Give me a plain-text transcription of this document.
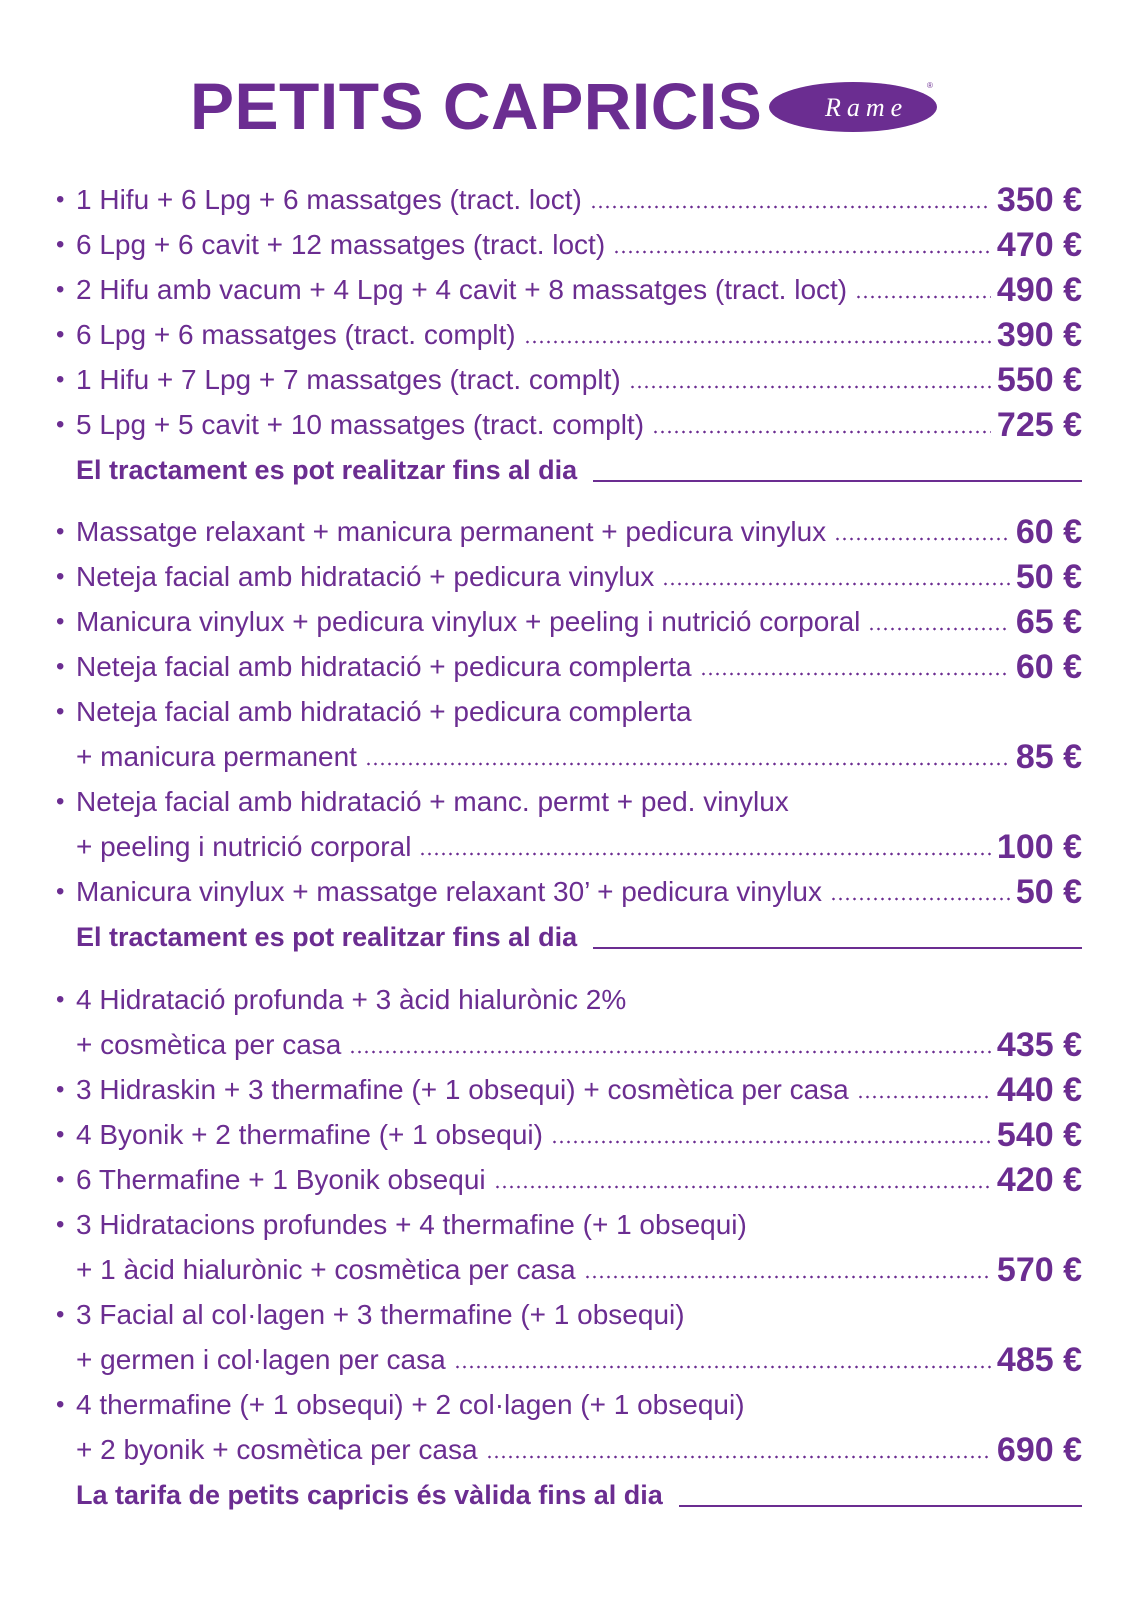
PETITS CAPRICIS Rame
®
• 1 Hifu + 6 Lpg + 6 massatges (tract. loct)	350 €
• 6 Lpg + 6 cavit + 12 massatges (tract. loct)	470 €
• 2 Hifu amb vacum + 4 Lpg + 4 cavit + 8 massatges (tract. loct)	490 €
• 6 Lpg + 6 massatges (tract. complt)	390 €
• 1 Hifu + 7 Lpg + 7 massatges (tract. complt)	550 €
• 5 Lpg + 5 cavit + 10 massatges (tract. complt)	725 €
El tractament es pot realitzar fins al dia
• Massatge relaxant + manicura permanent + pedicura vinylux	60 €
• Neteja facial amb hidratació + pedicura vinylux	50 €
• Manicura vinylux + pedicura vinylux + peeling i nutrició corporal	65 €
• Neteja facial amb hidratació + pedicura complerta	60 €
• Neteja facial amb hidratació + pedicura complerta
+ manicura permanent	85 €
• Neteja facial amb hidratació + manc. permt + ped. vinylux
+ peeling i nutrició corporal	100 €
• Manicura vinylux + massatge relaxant 30’ + pedicura vinylux	50 €
El tractament es pot realitzar fins al dia
• 4 Hidratació profunda + 3 àcid hialurònic 2%
+ cosmètica per casa	435 €
• 3 Hidraskin + 3 thermafine (+ 1 obsequi) + cosmètica per casa	440 €
• 4 Byonik + 2 thermafine (+ 1 obsequi)	540 €
• 6 Thermafine + 1 Byonik obsequi	420 €
• 3 Hidratacions profundes + 4 thermafine (+ 1 obsequi)
+ 1 àcid hialurònic + cosmètica per casa	570 €
• 3 Facial al col·lagen + 3 thermafine (+ 1 obsequi)
+ germen i col·lagen per casa	485 €
• 4 thermafine (+ 1 obsequi) + 2 col·lagen (+ 1 obsequi)
+ 2 byonik + cosmètica per casa	690 €
La tarifa de petits capricis és vàlida fins al dia
